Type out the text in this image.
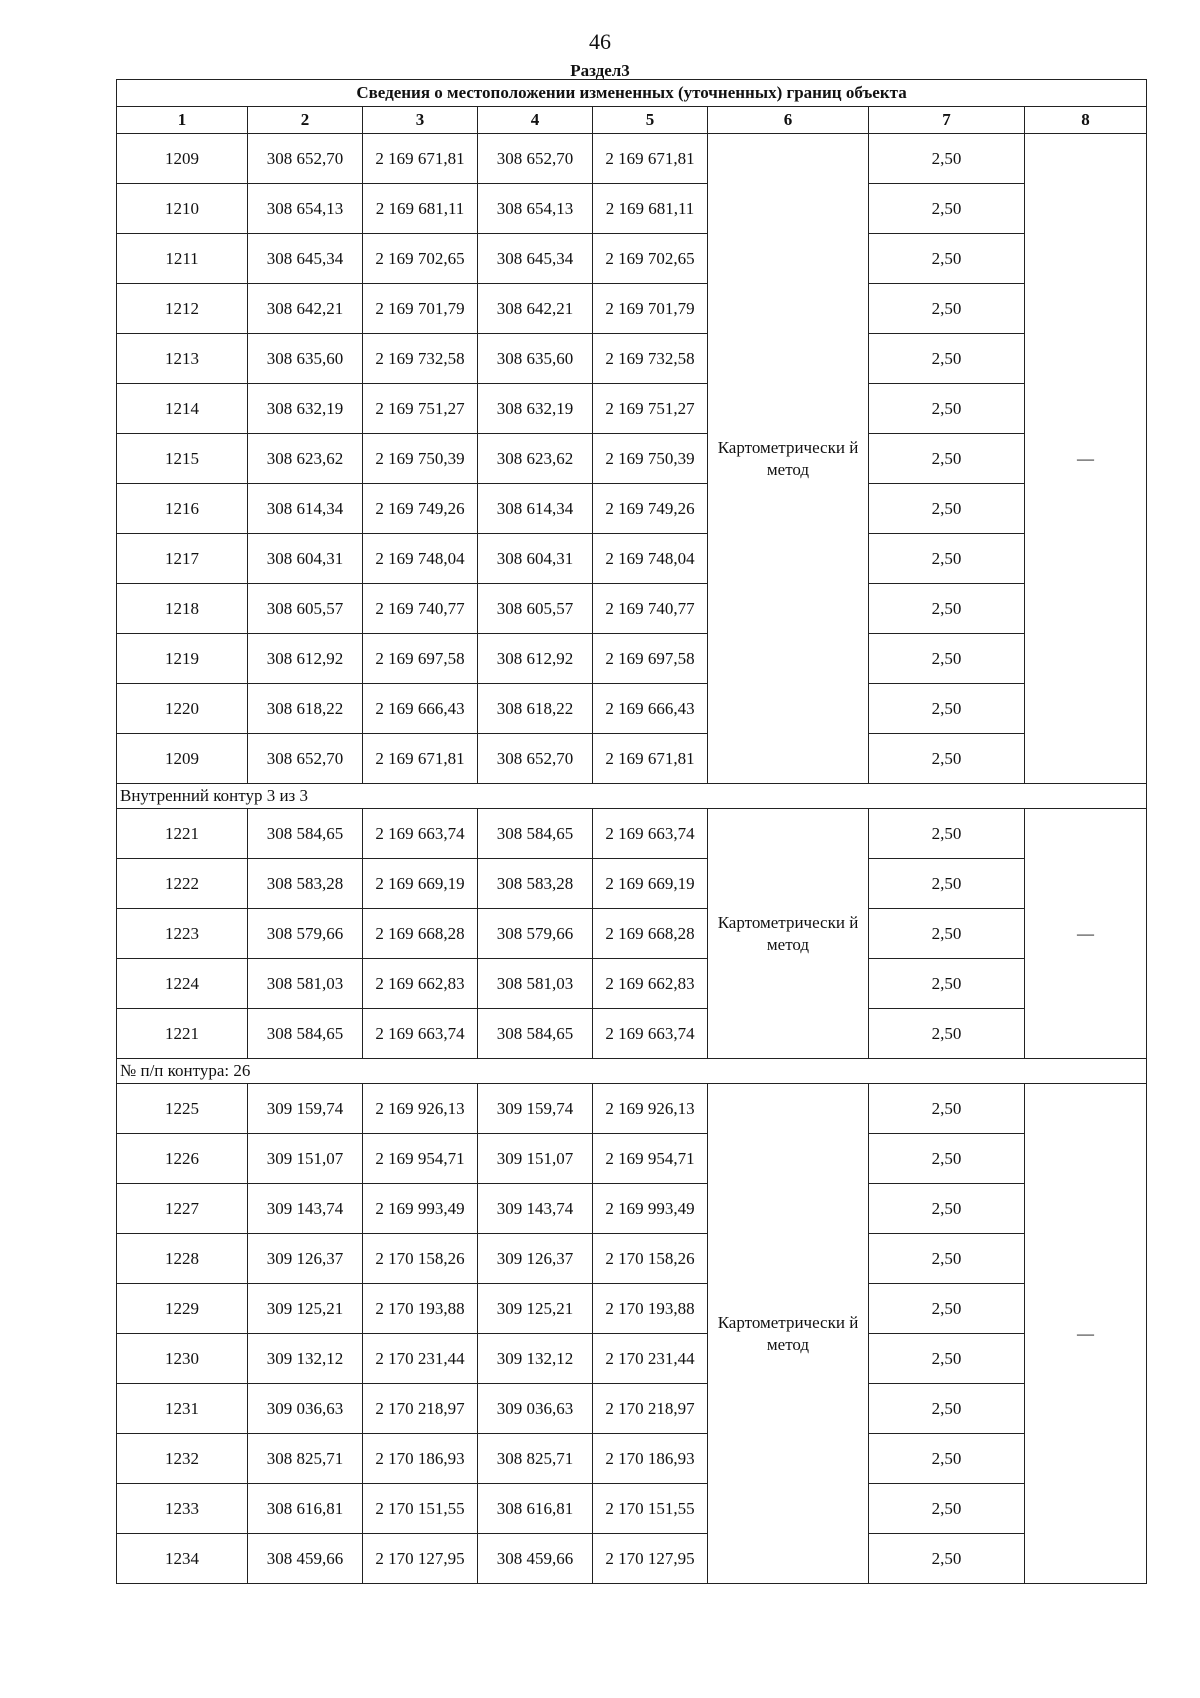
46
Раздел3
Сведения о местоположении измененных (уточненных) границ объекта							
1	2	3	4	5	6	7	8
1209	308 652,70	2 169 671,81	308 652,70	2 169 671,81	Картометрически й метод	2,50	—
1210	308 654,13	2 169 681,11	308 654,13	2 169 681,11		2,50	
1211	308 645,34	2 169 702,65	308 645,34	2 169 702,65		2,50	
1212	308 642,21	2 169 701,79	308 642,21	2 169 701,79		2,50	
1213	308 635,60	2 169 732,58	308 635,60	2 169 732,58		2,50	
1214	308 632,19	2 169 751,27	308 632,19	2 169 751,27		2,50	
1215	308 623,62	2 169 750,39	308 623,62	2 169 750,39		2,50	
1216	308 614,34	2 169 749,26	308 614,34	2 169 749,26		2,50	
1217	308 604,31	2 169 748,04	308 604,31	2 169 748,04		2,50	
1218	308 605,57	2 169 740,77	308 605,57	2 169 740,77		2,50	
1219	308 612,92	2 169 697,58	308 612,92	2 169 697,58		2,50	
1220	308 618,22	2 169 666,43	308 618,22	2 169 666,43		2,50	
1209	308 652,70	2 169 671,81	308 652,70	2 169 671,81		2,50	
Внутренний контур 3 из 3							
1221	308 584,65	2 169 663,74	308 584,65	2 169 663,74	Картометрически й метод	2,50	—
1222	308 583,28	2 169 669,19	308 583,28	2 169 669,19		2,50	
1223	308 579,66	2 169 668,28	308 579,66	2 169 668,28		2,50	
1224	308 581,03	2 169 662,83	308 581,03	2 169 662,83		2,50	
1221	308 584,65	2 169 663,74	308 584,65	2 169 663,74		2,50	
№ п/п контура: 26							
1225	309 159,74	2 169 926,13	309 159,74	2 169 926,13	Картометрически й метод	2,50	—
1226	309 151,07	2 169 954,71	309 151,07	2 169 954,71		2,50	
1227	309 143,74	2 169 993,49	309 143,74	2 169 993,49		2,50	
1228	309 126,37	2 170 158,26	309 126,37	2 170 158,26		2,50	
1229	309 125,21	2 170 193,88	309 125,21	2 170 193,88		2,50	
1230	309 132,12	2 170 231,44	309 132,12	2 170 231,44		2,50	
1231	309 036,63	2 170 218,97	309 036,63	2 170 218,97		2,50	
1232	308 825,71	2 170 186,93	308 825,71	2 170 186,93		2,50	
1233	308 616,81	2 170 151,55	308 616,81	2 170 151,55		2,50	
1234	308 459,66	2 170 127,95	308 459,66	2 170 127,95		2,50	
